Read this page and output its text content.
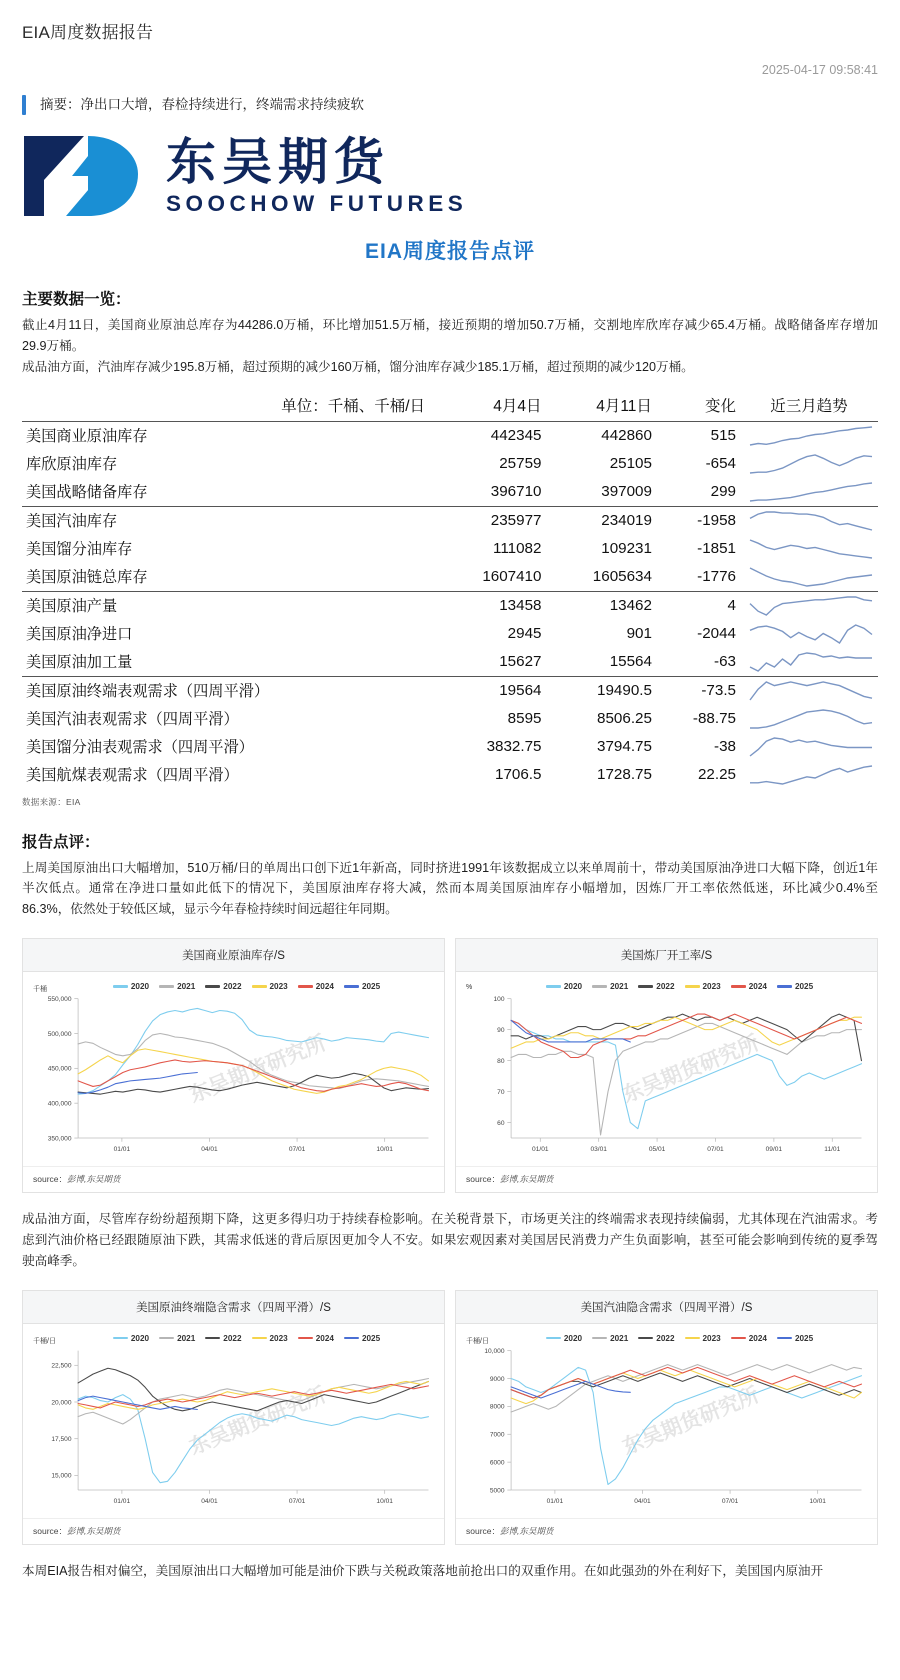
EIA周度数据报告
2025-04-17 09:58:41
摘要：净出口大增，春检持续进行，终端需求持续疲软
东吴期货
SOOCHOW FUTURES
EIA周度报告点评
主要数据一览：
截止4月11日，美国商业原油总库存为44286.0万桶，环比增加51.5万桶，接近预期的增加50.7万桶，交割地库欣库存减少65.4万桶。战略储备库存增加29.9万桶。
成品油方面，汽油库存减少195.8万桶，超过预期的减少160万桶，馏分油库存减少185.1万桶，超过预期的减少120万桶。
单位：千桶、千桶/日	4月4日	4月11日	变化	近三月趋势
美国商业原油库存	442345	442860	515	

库欣原油库存	25759	25105	-654	

美国战略储备库存	396710	397009	299	

美国汽油库存	235977	234019	-1958	

美国馏分油库存	111082	109231	-1851	

美国原油链总库存	1607410	1605634	-1776	

美国原油产量	13458	13462	4	

美国原油净进口	2945	901	-2044	

美国原油加工量	15627	15564	-63	

美国原油终端表观需求（四周平滑）	19564	19490.5	-73.5	

美国汽油表观需求（四周平滑）	8595	8506.25	-88.75	

美国馏分油表观需求（四周平滑）	3832.75	3794.75	-38	

美国航煤表观需求（四周平滑）	1706.5	1728.75	22.25	
数据来源：EIA
报告点评：
上周美国原油出口大幅增加，510万桶/日的单周出口创下近1年新高，同时挤进1991年该数据成立以来单周前十，带动美国原油净进口大幅下降，创近1年半次低点。通常在净进口量如此低下的情况下，美国原油库存将大减，然而本周美国原油库存小幅增加，因炼厂开工率依然低迷，环比减少0.4%至86.3%，依然处于较低区域，显示今年春检持续时间远超往年同期。
美国商业原油库存/S
2020	2021	2022	2023	2024	2025
千桶
350,000
400,000
450,000
500,000
550,000
01/01	04/01	07/01	10/01
东吴期货研究所
source：彭博,东吴期货
美国炼厂开工率/S
2020	2021	2022	2023	2024	2025
%
60
70
80
90
100
01/01	03/01	05/01	07/01	09/01	11/01
东吴期货研究所
source：彭博,东吴期货
成品油方面，尽管库存纷纷超预期下降，这更多得归功于持续春检影响。在关税背景下，市场更关注的终端需求表现持续偏弱，尤其体现在汽油需求。考虑到汽油价格已经跟随原油下跌，其需求低迷的背后原因更加令人不安。如果宏观因素对美国居民消费力产生负面影响，甚至可能会影响到传统的夏季驾驶高峰季。
美国原油终端隐含需求（四周平滑）/S
2020	2021	2022	2023	2024	2025
千桶/日
15,000
17,500
20,000
22,500
01/01	04/01	07/01	10/01
东吴期货研究所
source：彭博,东吴期货
美国汽油隐含需求（四周平滑）/S
2020	2021	2022	2023	2024	2025
千桶/日
5000
6000
7000
8000
9000
10,000
01/01	04/01	07/01	10/01
东吴期货研究所
source：彭博,东吴期货
本周EIA报告相对偏空，美国原油出口大幅增加可能是油价下跌与关税政策落地前抢出口的双重作用。在如此强劲的外在利好下，美国国内原油开
